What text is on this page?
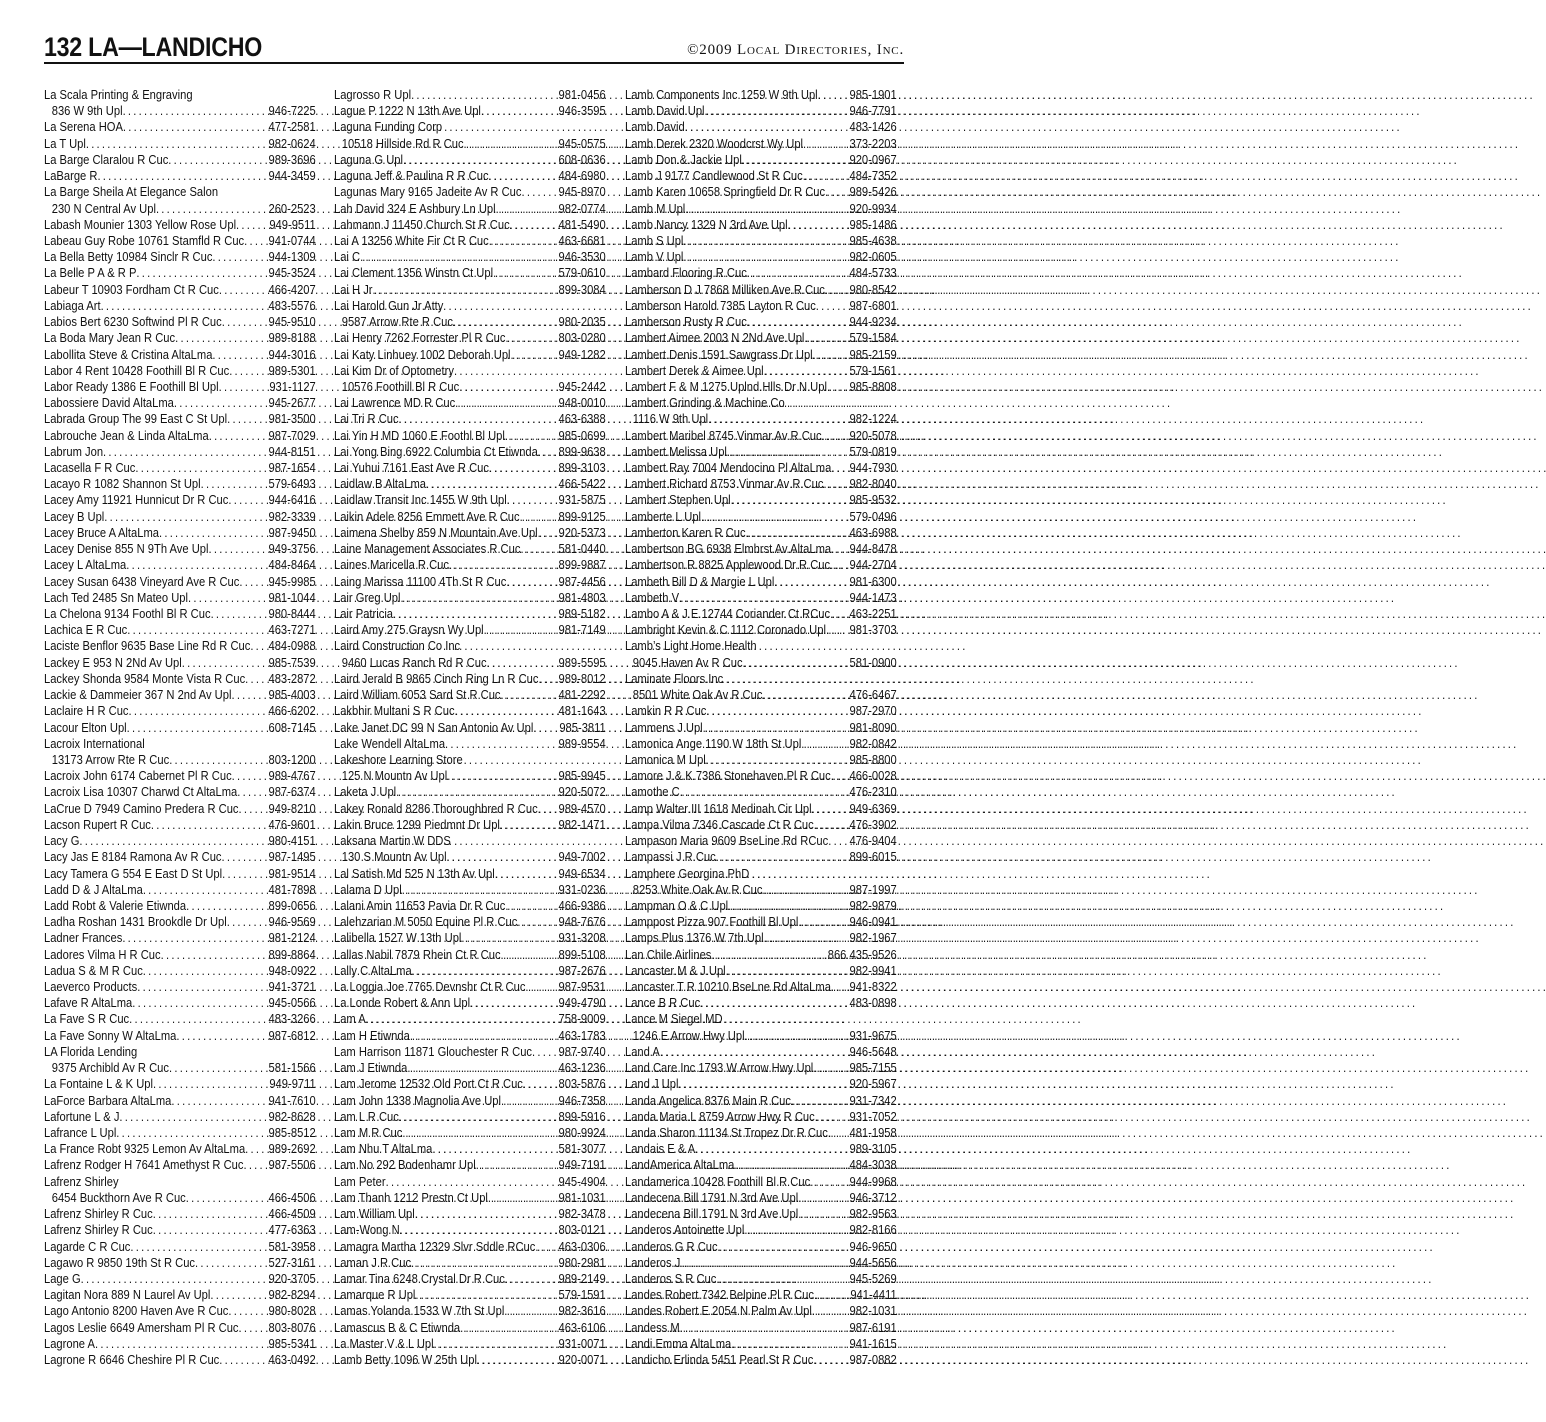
132 LA—LANDICHO	©2009 Local Directories, Inc.
La Scala Printing & Engraving
836 W 9th Upl . . .	946-7225
La Serena HOA . . .	477-2581
La T Upl . . .	982-0624
La Barge Claralou R Cuc . . .	989-3696
LaBarge R . . .	944-3459
La Barge Sheila At Elegance Salon
230 N Central Av Upl . . .	260-2523
Labash Mounier 1303 Yellow Rose Upl . . .	949-9511
Labeau Guy Robe 10761 Stamfld R Cuc . . . 941-0744
La Bella Betty 10984 Sinclr R Cuc . . .	944-1309
La Belle P A & R P . . .	945-3524
Labeur T 10903 Fordham Ct R Cuc . . .	466-4207
Labiaga Art . . .	483-5576
Labios Bert 6230 Softwind Pl R Cuc . . .	945-9510
La Boda Mary Jean R Cuc . . .	989-8188
Labollita Steve & Cristina AltaLma . . .	944-3016
Labor 4 Rent 10428 Foothill Bl R Cuc . . .	989-5301
Labor Ready 1386 E Foothill Bl Upl . . .	931-1127
Labossiere David AltaLma . . .	945-2677
Labrada Group The 99 East C St Upl . . .	981-3500
Labrouche Jean & Linda AltaLma . . .	987-7029
Labrum Jon . . .	944-8151
Lacasella F R Cuc . . .	987-1654
Lacayo R 1082 Shannon St Upl . . .	579-6493
Lacey Amy 11921 Hunnicut Dr R Cuc . . .	944-6416
Lacey B Upl . . .	982-3339
Lacey Bruce A AltaLma . . .	987-9450
Lacey Denise 855 N 9Th Ave Upl . . .	949-3756
Lacey L AltaLma . . .	484-8464
Lacey Susan 6438 Vineyard Ave R Cuc . . . 945-9985
Lach Ted 2485 Sn Mateo Upl . . .	981-1044
La Chelona 9134 Foothl Bl R Cuc . . .	980-8444
Lachica E R Cuc . . .	463-7271
Laciste Benflor 9635 Base Line Rd R Cuc . . . 484-0988
Lackey E 953 N 2Nd Av Upl . . .	985-7539
Lackey Shonda 9584 Monte Vista R Cuc . . . 483-2872
Lackie & Dammeier 367 N 2nd Av Upl . . .	985-4003
Laclaire H R Cuc . . .	466-6202
Lacour Elton Upl . . .	608-7145
Lacroix International
13173 Arrow Rte R Cuc . . .	803-1200
Lacroix John 6174 Cabernet Pl R Cuc . . .	989-4767
Lacroix Lisa 10307 Charwd Ct AltaLma . . . 987-6374
LaCrue D 7949 Camino Predera R Cuc . . . 949-8210
Lacson Rupert R Cuc . . .	476-9601
Lacy G . . .	980-4151
Lacy Jas E 8184 Ramona Av R Cuc . . .	987-1495
Lacy Tamera G 554 E East D St Upl . . .	981-9514
Ladd D & J AltaLma . . .	481-7898
Ladd Robt & Valerie Etiwnda . . .	899-0656
Ladha Roshan 1431 Brookdle Dr Upl . . .	946-9569
Ladner Frances . . .	981-2124
Ladores Vilma H R Cuc . . .	899-8864
Ladua S & M R Cuc . . .	948-0922
Laeverco Products . . .	941-3721
Lafave R AltaLma . . .	945-0566
La Fave S R Cuc . . .	483-3266
La Fave Sonny W AltaLma . . .	987-6812
LA Florida Lending
9375 Archibld Av R Cuc . . .	581-1566
La Fontaine L & K Upl . . .	949-9711
LaForce Barbara AltaLma . . .	941-7610
Lafortune L & J . . .	982-8628
Lafrance L Upl . . .	985-8512
La France Robt 9325 Lemon Av AltaLma . . . 989-2692
Lafrenz Rodger H 7641 Amethyst R Cuc . . . 987-5506
Lafrenz Shirley
6454 Buckthorn Ave R Cuc . . .	466-4506
Lafrenz Shirley R Cuc . . .	466-4509
Lafrenz Shirley R Cuc . . .	477-6363
Lagarde C R Cuc . . .	581-3958
Lagawo R 9850 19th St R Cuc . . .	527-3161
Lage G . . .	920-3705
Lagitan Nora 889 N Laurel Av Upl . . .	982-8294
Lago Antonio 8200 Haven Ave R Cuc . . .	980-8028
Lagos Leslie 6649 Amersham Pl R Cuc . . . 803-8076
Lagrone A . . .	985-5341
Lagrone R 6646 Cheshire Pl R Cuc . . .	463-0492
Lagrosso R Upl . . .	981-0456
Lague P 1222 N 13th Ave Upl . . .	946-3595
Laguna Funding Corp
10518 Hillside Rd R Cuc . . .	945-0575
Laguna G Upl . . .	608-0636
Laguna Jeff & Paulina R R Cuc . . .	484-6980
Lagunas Mary 9165 Jadeite Av R Cuc . . .	945-8970
Lah David 324 E Ashbury Ln Upl . . .	982-0774
Lahmann J 11450 Church St R Cuc . . .	481-5490
Lai A 13256 White Fir Ct R Cuc . . .	463-6681
Lai C . . .	946-3530
Lai Clement 1356 Winstn Ct Upl . . .	579-0610
Lai H Jr . . .	899-3084
Lai Harold Gun Jr Atty
9587 Arrow Rte R Cuc . . .	980-2035
Lai Henry 7262 Forrester Pl R Cuc . . .	803-0280
Lai Katy Linhuey 1002 Deborah Upl . . .	949-1282
Lai Kim Dr of Optometry
10576 Foothill Bl R Cuc . . .	945-2442
Lai Lawrence MD R Cuc . . .	948-0010
Lai Tri R Cuc . . .	463-6388
Lai Yin H MD 1060 E Foothl Bl Upl . . .	985-0699
Lai Yong Bing 6922 Columbia Ct Etiwnda . . . 899-9638
Lai Yuhui 7161 East Ave R Cuc . . .	899-3103
Laidlaw B AltaLma . . .	466-5422
Laidlaw Transit Inc 1455 W 9th Upl . . .	931-5875
Laikin Adele 8256 Emmett Ave R Cuc . . .	899-9125
Laimena Shelby 859 N Mountain Ave Upl . . . 920-5373
Laine Management Associates R Cuc . . .	581-0440
Laines Maricella R Cuc . . .	899-9887
Laing Marissa 11100 4Th St R Cuc . . .	987-4456
Lair Greg Upl . . .	981-4803
Lair Patricia . . .	989-5182
Laird Amy 275 Graysn Wy Upl . . .	981-7149
Laird Construction Co Inc
9460 Lucas Ranch Rd R Cuc . . .	989-5595
Laird Jerald B 9865 Cinch Ring Ln R Cuc . . . 989-8012
Laird William 6053 Sard St R Cuc . . .	481-2292
Lakbhir Multani S R Cuc . . .	481-1643
Lake Janet DC 99 N San Antonio Av Upl . . . 985-3811
Lake Wendell AltaLma . . .	989-9554
Lakeshore Learning Store
125 N Mountn Av Upl . . .	985-9945
Laketa J Upl . . .	920-5072
Lakey Ronald 8286 Thoroughbred R Cuc . . . 989-4570
Lakin Bruce 1299 Piedmnt Dr Upl . . .	982-1471
Laksana Martin W DDS
130 S Mountn Av Upl . . .	949-7002
Lal Satish Md 525 N 13th Av Upl . . .	949-6534
Lalama D Upl . . .	931-0236
Lalani Amin 11653 Pavia Dr R Cuc . . .	466-9386
Lalehzarian M 5050 Equine Pl R Cuc . . .	948-7676
Lalibella 1527 W 13th Upl . . .	931-3208
Lallas Nabil 7879 Rhein Ct R Cuc . . .	899-5108
Lally C AltaLma . . .	987-2676
La Loggia Joe 7765 Devnshr Ct R Cuc . . .	987-9531
La Londe Robert & Ann Upl . . .	949-4790
Lam A . . .	758-9009
Lam H Etiwnda . . .	463-1783
Lam Harrison 11871 Glouchester R Cuc . . . 987-9740
Lam J Etiwnda . . .	463-1236
Lam Jerome 12532 Old Port Ct R Cuc . . .	803-5876
Lam John 1338 Magnolia Ave Upl . . .	946-7358
Lam L R Cuc . . .	899-5916
Lam M R Cuc . . .	980-9924
Lam Nhu T AltaLma . . .	581-3077
Lam No 292 Bodenhamr Upl . . .	949-7191
Lam Peter . . .	945-4904
Lam Thanh 1212 Prestn Ct Upl . . .	981-1031
Lam William Upl . . .	982-3478
Lam-Wong N . . .	803-0121
Lamagra Martha 12329 Slvr Sddle RCuc . . . 463-0306
Laman J R Cuc . . .	980-2981
Lamar Tina 6248 Crystal Dr R Cuc . . .	989-2149
Lamarque R Upl . . .	579-1591
Lamas Yolanda 1533 W 7th St Upl . . .	982-3616
Lamascus B & C Etiwnda . . .	463-6106
La Master V & L Upl . . .	931-0071
Lamb Betty 1096 W 25th Upl . . .	920-0071
Lamb Components Inc 1259 W 9th Upl . . . 985-1901
Lamb David Upl . . .	946-7791
Lamb David . . .	483-1426
Lamb Derek 2320 Woodcrst Wy Upl . . .	373-2203
Lamb Don & Jackie Upl . . .	920-0967
Lamb J 9177 Candlewood St R Cuc . . .	484-7352
Lamb Karen 10658 Springfield Dr R Cuc . . . 989-5426
Lamb M Upl . . .	920-9934
Lamb Nancy 1329 N 3rd Ave Upl . . .	985-1486
Lamb S Upl . . .	985-4638
Lamb V Upl . . .	982-0605
Lambard Flooring R Cuc . . .	484-5733
Lamberson D J 7868 Milliken Ave R Cuc . . . 980-8542
Lamberson Harold 7385 Layton R Cuc . . .	987-6801
Lamberson Rusty R Cuc . . .	944-9234
Lambert Aimee 2003 N 2Nd Ave Upl . . .	579-1584
Lambert Denis 1591 Sawgrass Dr Upl . . .	985-2159
Lambert Derek & Aimee Upl . . .	579-1561
Lambert F & M 1275 Uplnd Hlls Dr N Upl . . . 985-8808
Lambert Grinding & Machine Co
1116 W 9th Upl . . .	982-1224
Lambert Maribel 8745 Vinmar Av R Cuc . . . 920-5078
Lambert Melissa Upl . . .	579-0819
Lambert Ray 7004 Mendocino Pl AltaLma . . . 944-7930
Lambert Richard 8753 Vinmar Av R Cuc . . . 982-8040
Lambert Stephen Upl . . .	985-9532
Lamberte L Upl . . .	579-0496
Lamberton Karen R Cuc . . .	463-6988
Lambertson BG 6938 Elmhrst Av AltaLma . . . 944-8478
Lambertson R 8825 Applewood Dr R Cuc . . . 944-2704
Lambeth Bill D & Margie L Upl . . .	981-6300
Lambeth V . . .	944-1473
Lambo A & J E 12744 Coriander Ct RCuc . . . 463-2251
Lambright Kevin & C 1112 Coronado Upl . . . 981-3703
Lamb’s Light Home Health
9045 Haven Av R Cuc . . .	581-0900
Laminate Floors Inc
8501 White Oak Av R Cuc . . .	476-6467
Lamkin R R Cuc . . .	987-2970
Lammens J Upl . . .	981-8090
Lamonica Ange 1190 W 18th St Upl . . .	982-0842
Lamonica M Upl . . .	985-8800
Lamore J & K 7386 Stonehaven Pl R Cuc . . . 466-0028
Lamothe C . . .	476-2310
Lamp Walter III 1618 Medinah Cir Upl . . .	949-6369
Lampa Vilma 7346 Cascade Ct R Cuc . . .	476-3902
Lampason Maria 9609 BseLine Rd RCuc . . . 476-9404
Lampassi J R Cuc . . .	899-6015
Lamphere Georgina PhD
8253 White Oak Av R Cuc . . .	987-1997
Lampman O & C Upl . . .	982-9879
Lamppost Pizza 907 Foothill Bl Upl . . .	946-0941
Lamps Plus 1376 W 7th Upl . . .	982-1967
Lan Chile Airlines . . .	866 435-9526
Lancaster M & J Upl . . .	982-9941
Lancaster T R 10210 BseLne Rd AltaLma . . . 941-8322
Lance B R Cuc . . .	483-0898
Lance M Siegel MD
1246 E Arrow Hwy Upl . . .	931-9675
Land A . . .	946-5648
Land Care Inc 1793 W Arrow Hwy Upl . . .	985-7155
Land J Upl . . .	920-5967
Landa Angelica 8376 Main R Cuc . . .	931-7342
Landa Maria L 8759 Arrow Hwy R Cuc . . .	931-7052
Landa Sharon 11134 St Tropez Dr R Cuc . . . 481-1958
Landais E & A . . .	989-3105
LandAmerica AltaLma . . .	484-3038
Landamerica 10428 Foothill Bl R Cuc . . .	944-9968
Landecena Bill 1791 N 3rd Ave Upl . . .	946-3712
Landecena Bill 1791 N 3rd Ave Upl . . .	982-9563
Landeros Antoinette Upl . . .	982-8166
Landeros G R Cuc . . .	946-9650
Landeros J . . .	944-5656
Landeros S R Cuc . . .	945-5269
Landes Robert 7342 Belpine Pl R Cuc . . .	941-4411
Landes Robert E 2054 N Palm Av Upl . . .	982-1031
Landess M . . .	987-6191
Landi Emma AltaLma . . .	941-1615
Landicho Erlinda 5451 Pearl St R Cuc . . .	987-0882
